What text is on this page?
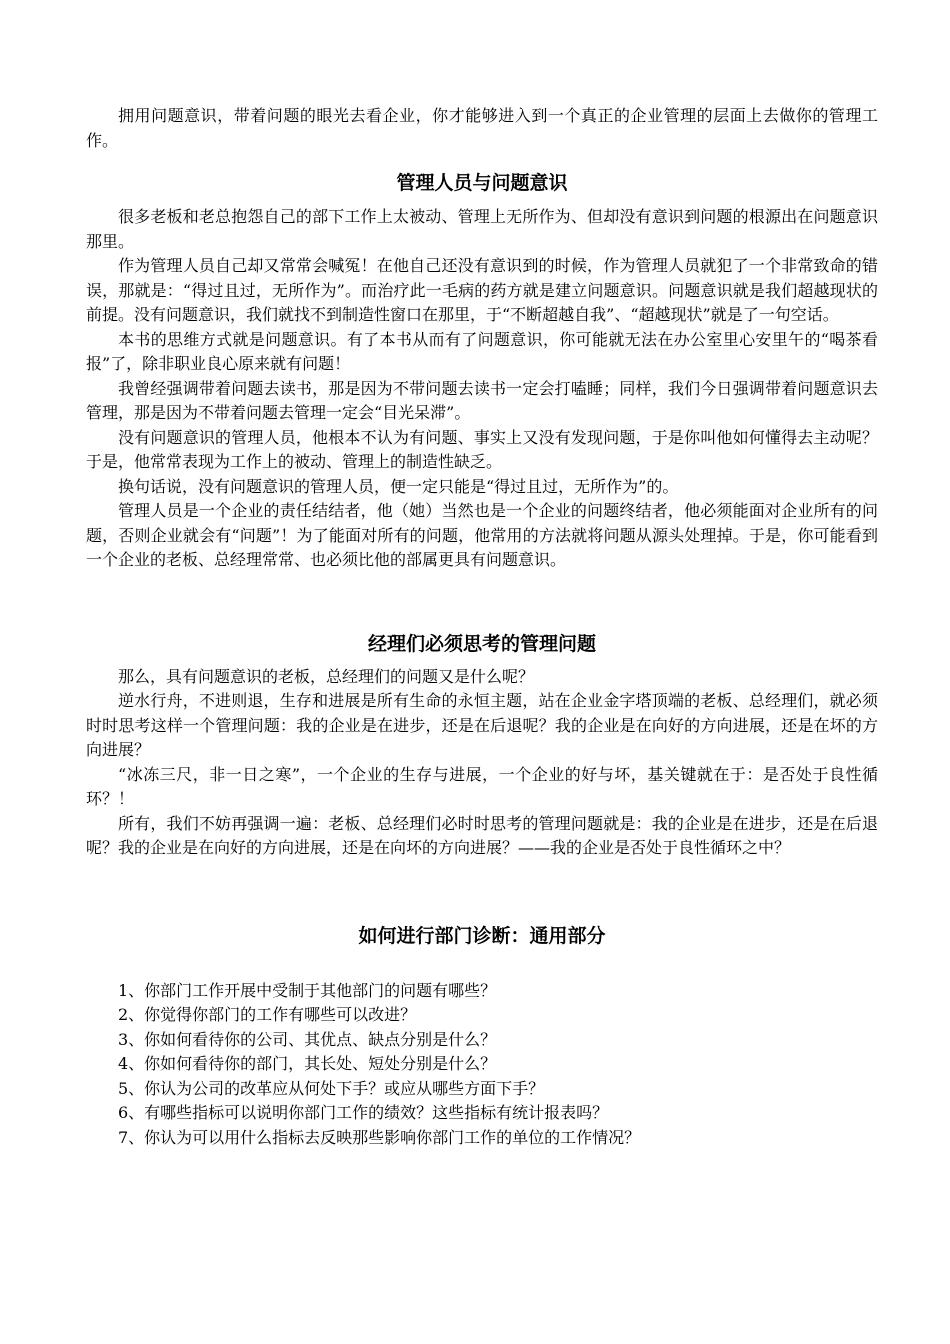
拥用问题意识，带着问题的眼光去看企业，你才能够进入到一个真正的企业管理的层面上去做你的管理工作。

管理人员与问题意识

很多老板和老总抱怨自己的部下工作上太被动、管理上无所作为、但却没有意识到问题的根源出在问题意识那里。

作为管理人员自己却又常常会喊冤！在他自己还没有意识到的时候，作为管理人员就犯了一个非常致命的错误，那就是：“得过且过，无所作为”。而治疗此一毛病的药方就是建立问题意识。问题意识就是我们超越现状的前提。没有问题意识，我们就找不到制造性窗口在那里，于“不断超越自我”、“超越现状”就是了一句空话。

本书的思维方式就是问题意识。有了本书从而有了问题意识，你可能就无法在办公室里心安里午的“喝茶看报”了，除非职业良心原来就有问题！

我曾经强调带着问题去读书，那是因为不带问题去读书一定会打嗑睡；同样，我们今日强调带着问题意识去管理，那是因为不带着问题去管理一定会“目光呆滞”。

没有问题意识的管理人员，他根本不认为有问题、事实上又没有发现问题，于是你叫他如何懂得去主动呢？于是，他常常表现为工作上的被动、管理上的制造性缺乏。

换句话说，没有问题意识的管理人员，便一定只能是“得过且过，无所作为”的。

管理人员是一个企业的责任结结者，他（她）当然也是一个企业的问题终结者，他必须能面对企业所有的问题，否则企业就会有“问题”！为了能面对所有的问题，他常用的方法就将问题从源头处理掉。于是，你可能看到一个企业的老板、总经理常常、也必须比他的部属更具有问题意识。

经理们必须思考的管理问题

那么，具有问题意识的老板，总经理们的问题又是什么呢？

逆水行舟，不进则退，生存和进展是所有生命的永恒主题，站在企业金字塔顶端的老板、总经理们，就必须时时思考这样一个管理问题：我的企业是在进步，还是在后退呢？我的企业是在向好的方向进展，还是在坏的方向进展？

“冰冻三尺，非一日之寒”，一个企业的生存与进展，一个企业的好与坏，基关键就在于：是否处于良性循环？！

所有，我们不妨再强调一遍：老板、总经理们必时时思考的管理问题就是：我的企业是在进步，还是在后退呢？我的企业是在向好的方向进展，还是在向坏的方向进展？——我的企业是否处于良性循环之中？

如何进行部门诊断：通用部分
1、你部门工作开展中受制于其他部门的问题有哪些？
2、你觉得你部门的工作有哪些可以改进？
3、你如何看待你的公司、其优点、缺点分别是什么？
4、你如何看待你的部门，其长处、短处分别是什么？
5、你认为公司的改革应从何处下手？或应从哪些方面下手？
6、有哪些指标可以说明你部门工作的绩效？这些指标有统计报表吗？
7、你认为可以用什么指标去反映那些影响你部门工作的单位的工作情况？
